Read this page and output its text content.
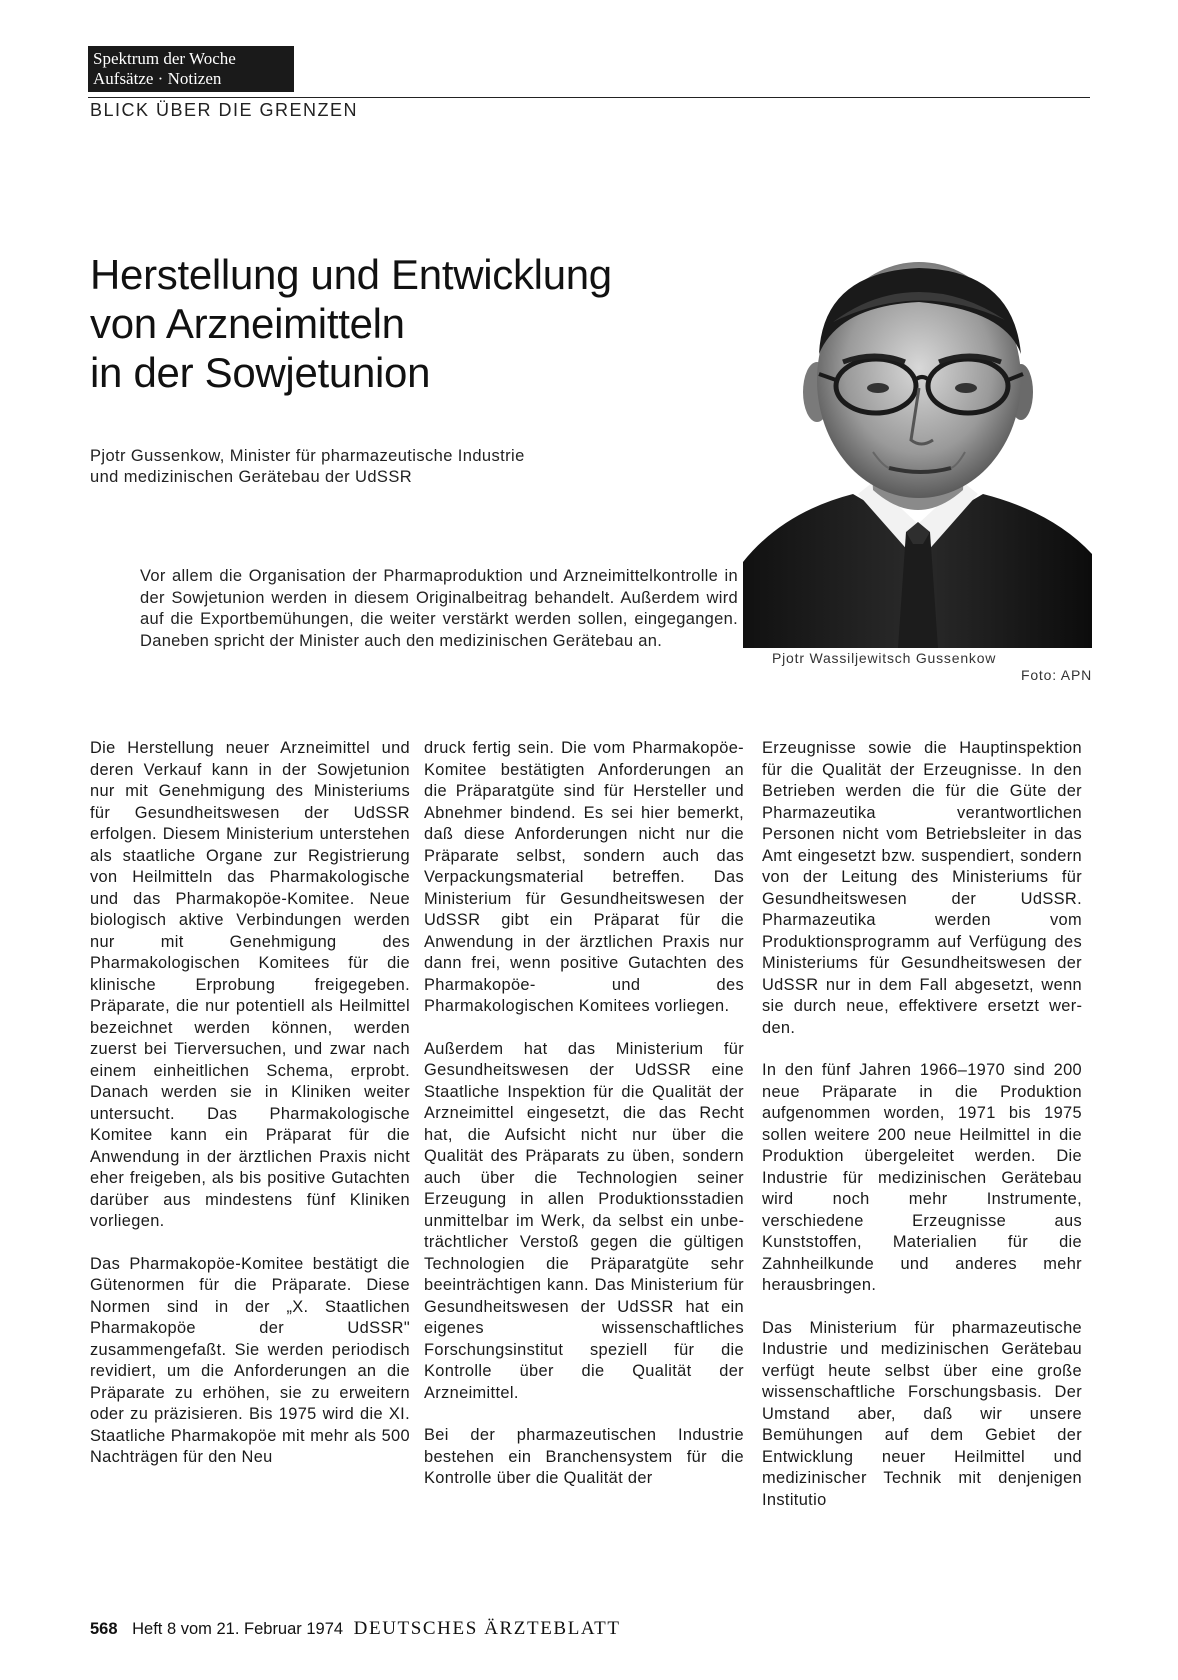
Spektrum der Woche
Aufsätze · Notizen
BLICK ÜBER DIE GRENZEN
Herstellung und Entwicklung
von Arzneimitteln
in der Sowjetunion
Pjotr Gussenkow, Minister für pharmazeutische Industrie
und medizinischen Gerätebau der UdSSR
Vor allem die Organisation der Pharmaproduktion und Arzneimittelkontrolle in der Sowjetunion werden in diesem Originalbeitrag behandelt. Außerdem wird auf die Exportbemühungen, die weiter verstärkt werden sollen, eingegangen. Daneben spricht der Minister auch den medizinischen Gerätebau an.
Pjotr Wassiljewitsch Gussenkow
Foto: APN

Die Herstellung neuer Arzneimittel und deren Verkauf kann in der Sowjetunion nur mit Genehmigung des Ministeriums für Gesundheitswesen der UdSSR erfolgen. Diesem Ministerium unterstehen als staatliche Organe zur Registrierung von Heilmitteln das Pharmakologische und das Pharmakopöe-Komitee. Neue biologisch aktive Verbindungen werden nur mit Genehmigung des Pharmakologischen Komitees für die klinische Erprobung freigegeben. Präparate, die nur potentiell als Heilmittel bezeichnet werden können, werden zuerst bei Tierversuchen, und zwar nach einem einheitlichen Schema, erprobt. Danach werden sie in Kliniken weiter untersucht. Das Pharmakologische Komitee kann ein Präparat für die Anwendung in der ärztlichen Praxis nicht eher freigeben, als bis positive Gutachten darüber aus mindestens fünf Kliniken vorliegen.

Das Pharmakopöe-Komitee bestätigt die Gütenormen für die Präparate. Diese Normen sind in der „X. Staatlichen Pharmakopöe der UdSSR" zusammengefaßt. Sie werden periodisch revidiert, um die Anforderungen an die Präparate zu erhöhen, sie zu erweitern oder zu präzisieren. Bis 1975 wird die XI. Staatliche Pharmakopöe mit mehr als 500 Nachträgen für den Neu

druck fertig sein. Die vom Pharmakopöe-Komitee bestätigten Anforderungen an die Präparatgüte sind für Hersteller und Abnehmer bindend. Es sei hier bemerkt, daß diese Anforderungen nicht nur die Präparate selbst, sondern auch das Verpackungsmaterial betreffen. Das Ministerium für Gesundheitswesen der UdSSR gibt ein Präparat für die Anwendung in der ärztlichen Praxis nur dann frei, wenn positive Gutachten des Pharmakopöe- und des Pharmakologischen Komitees vorliegen.

Außerdem hat das Ministerium für Gesundheitswesen der UdSSR eine Staatliche Inspektion für die Qualität der Arzneimittel eingesetzt, die das Recht hat, die Aufsicht nicht nur über die Qualität des Präparats zu üben, sondern auch über die Technologien seiner Erzeugung in allen Produktionsstadien unmittelbar im Werk, da selbst ein unbeträchtlicher Verstoß gegen die gültigen Technologien die Präparatgüte sehr beeinträchtigen kann. Das Ministerium für Gesundheitswesen der UdSSR hat ein eigenes wissenschaftliches Forschungsinstitut speziell für die Kontrolle über die Qualität der Arzneimittel.

Bei der pharmazeutischen Industrie bestehen ein Branchensystem für die Kontrolle über die Qualität der

Erzeugnisse sowie die Hauptinspektion für die Qualität der Erzeugnisse. In den Betrieben werden die für die Güte der Pharmazeutika verantwortlichen Personen nicht vom Betriebsleiter in das Amt eingesetzt bzw. suspendiert, sondern von der Leitung des Ministeriums für Gesundheitswesen der UdSSR. Pharmazeutika werden vom Produktionsprogramm auf Verfügung des Ministeriums für Gesundheitswesen der UdSSR nur in dem Fall abgesetzt, wenn sie durch neue, effektivere ersetzt werden.

In den fünf Jahren 1966–1970 sind 200 neue Präparate in die Produktion aufgenommen worden, 1971 bis 1975 sollen weitere 200 neue Heilmittel in die Produktion übergeleitet werden. Die Industrie für medizinischen Gerätebau wird noch mehr Instrumente, verschiedene Erzeugnisse aus Kunststoffen, Materialien für die Zahnheilkunde und anderes mehr herausbringen.

Das Ministerium für pharmazeutische Industrie und medizinischen Gerätebau verfügt heute selbst über eine große wissenschaftliche Forschungsbasis. Der Umstand aber, daß wir unsere Bemühungen auf dem Gebiet der Entwicklung neuer Heilmittel und medizinischer Technik mit denjenigen Institutio

568 Heft 8 vom 21. Februar 1974 DEUTSCHES ÄRZTEBLATT
